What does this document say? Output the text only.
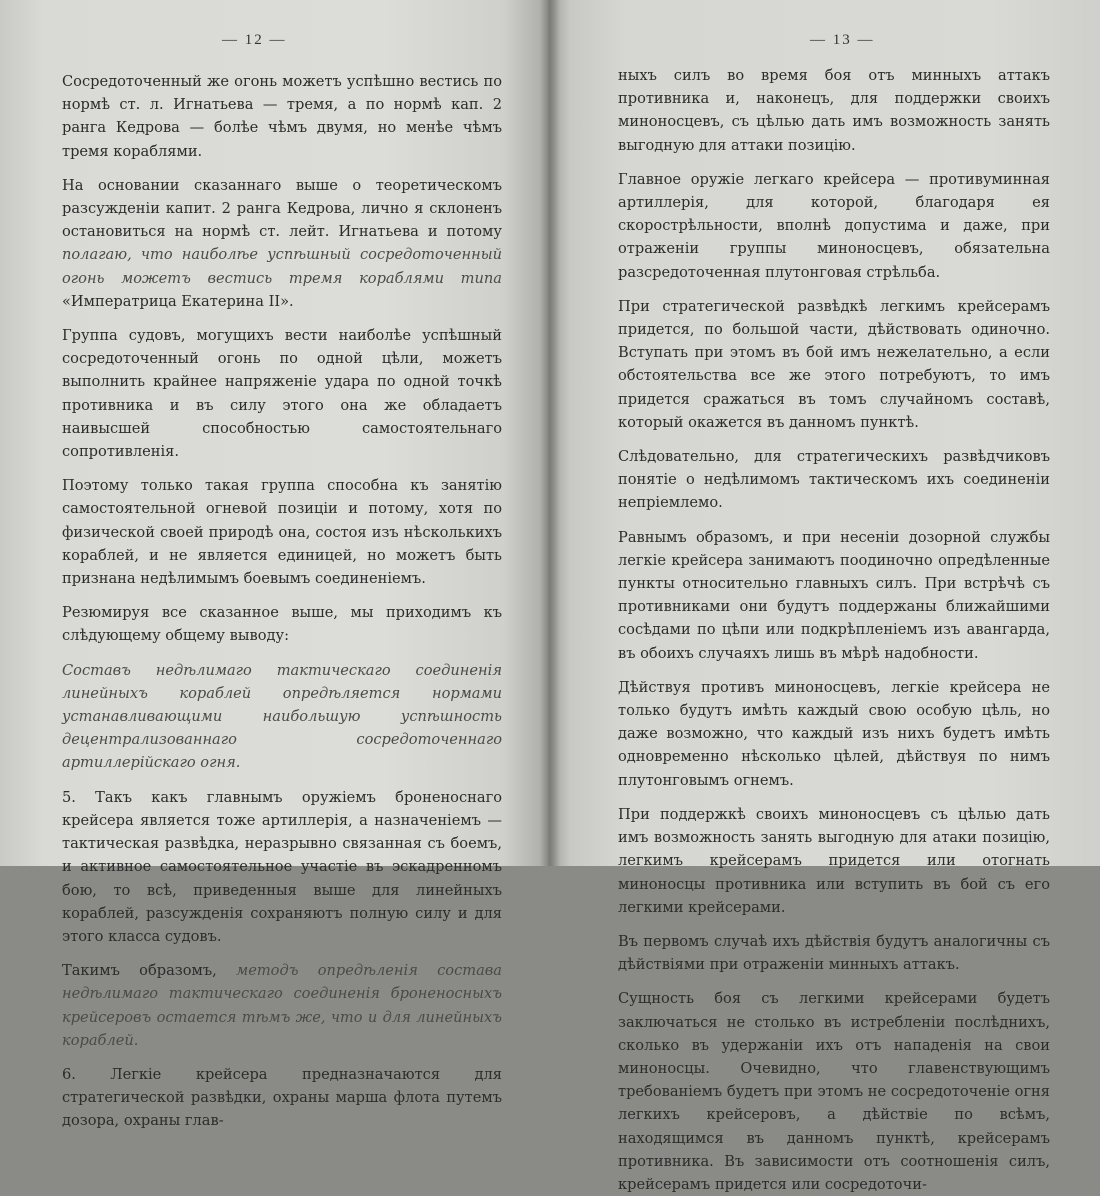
— 12 —

Сосредоточенный же огонь можетъ успѣшно вестись по нормѣ ст. л. Игнатьева — тремя, а по нормѣ кап. 2 ранга Кедрова — болѣе чѣмъ двумя, но менѣе чѣмъ тремя кораблями.

На основании сказаннаго выше о теоретическомъ разсужденіи капит. 2 ранга Кедрова, лично я склоненъ остановиться на нормѣ ст. лейт. Игнатьева и потому полагаю, что наиболѣе успѣшный сосредоточенный огонь можетъ вестись тремя кораблями типа «Императрица Екатерина II».

Группа судовъ, могущихъ вести наиболѣе успѣшный сосредоточенный огонь по одной цѣли, можетъ выполнить крайнее напряженіе удара по одной точкѣ противника и въ силу этого она же обладаетъ наивысшей способностью самостоятельнаго сопротивленія.

Поэтому только такая группа способна къ занятію самостоятельной огневой позиціи и потому, хотя по физической своей природѣ она, состоя изъ нѣсколькихъ кораблей, и не является единицей, но можетъ быть признана недѣлимымъ боевымъ соединеніемъ.

Резюмируя все сказанное выше, мы приходимъ къ слѣдующему общему выводу:

Составъ недѣлимаго тактическаго соединенія линейныхъ кораблей опредѣляется нормами устанавливающими наибольшую успѣшность децентрализованнаго сосредоточеннаго артиллерійскаго огня.

5. Такъ какъ главнымъ оружіемъ броненоснаго крейсера является тоже артиллерія, а назначеніемъ — тактическая развѣдка, неразрывно связанная съ боемъ, и активное самостоятельное участіе въ эскадренномъ бою, то всѣ, приведенныя выше для линейныхъ кораблей, разсужденія сохраняютъ полную силу и для этого класса судовъ.

Такимъ образомъ, методъ опредѣленія состава недѣлимаго тактическаго соединенія броненосныхъ крейсеровъ остается тѣмъ же, что и для линейныхъ кораблей.

6. Легкіе крейсера предназначаются для стратегической развѣдки, охраны марша флота путемъ дозора, охраны глав-

— 13 —

ныхъ силъ во время боя отъ минныхъ аттакъ противника и, наконецъ, для поддержки своихъ миноносцевъ, съ цѣлью дать имъ возможность занять выгодную для аттаки позицію.

Главное оружіе легкаго крейсера — противуминная артиллерія, для которой, благодаря ея скорострѣльности, вполнѣ допустима и даже, при отраженіи группы миноносцевъ, обязательна разсредоточенная плутонговая стрѣльба.

При стратегической развѣдкѣ легкимъ крейсерамъ придется, по большой части, дѣйствовать одиночно. Вступать при этомъ въ бой имъ нежелательно, а если обстоятельства все же этого потребуютъ, то имъ придется сражаться въ томъ случайномъ составѣ, который окажется въ данномъ пунктѣ.

Слѣдовательно, для стратегическихъ развѣдчиковъ понятіе о недѣлимомъ тактическомъ ихъ соединеніи непріемлемо.

Равнымъ образомъ, и при несеніи дозорной службы легкіе крейсера занимаютъ поодиночно опредѣленные пункты относительно главныхъ силъ. При встрѣчѣ съ противниками они будутъ поддержаны ближайшими сосѣдами по цѣпи или подкрѣпленіемъ изъ авангарда, въ обоихъ случаяхъ лишь въ мѣрѣ надобности.

Дѣйствуя противъ миноносцевъ, легкіе крейсера не только будутъ имѣть каждый свою особую цѣль, но даже возможно, что каждый изъ нихъ будетъ имѣть одновременно нѣсколько цѣлей, дѣйствуя по нимъ плутонговымъ огнемъ.

При поддержкѣ своихъ миноносцевъ съ цѣлью дать имъ возможность занять выгодную для атаки позицію, легкимъ крейсерамъ придется или отогнать миноносцы противника или вступить въ бой съ его легкими крейсерами.

Въ первомъ случаѣ ихъ дѣйствія будутъ аналогичны съ дѣйствіями при отраженіи минныхъ аттакъ.

Сущность боя съ легкими крейсерами будетъ заключаться не столько въ истребленіи послѣднихъ, сколько въ удержаніи ихъ отъ нападенія на свои миноносцы. Очевидно, что главенствующимъ требованіемъ будетъ при этомъ не сосредоточеніе огня легкихъ крейсеровъ, а дѣйствіе по всѣмъ, находящимся въ данномъ пунктѣ, крейсерамъ противника. Въ зависимости отъ соотношенія силъ, крейсерамъ придется или сосредоточи-
